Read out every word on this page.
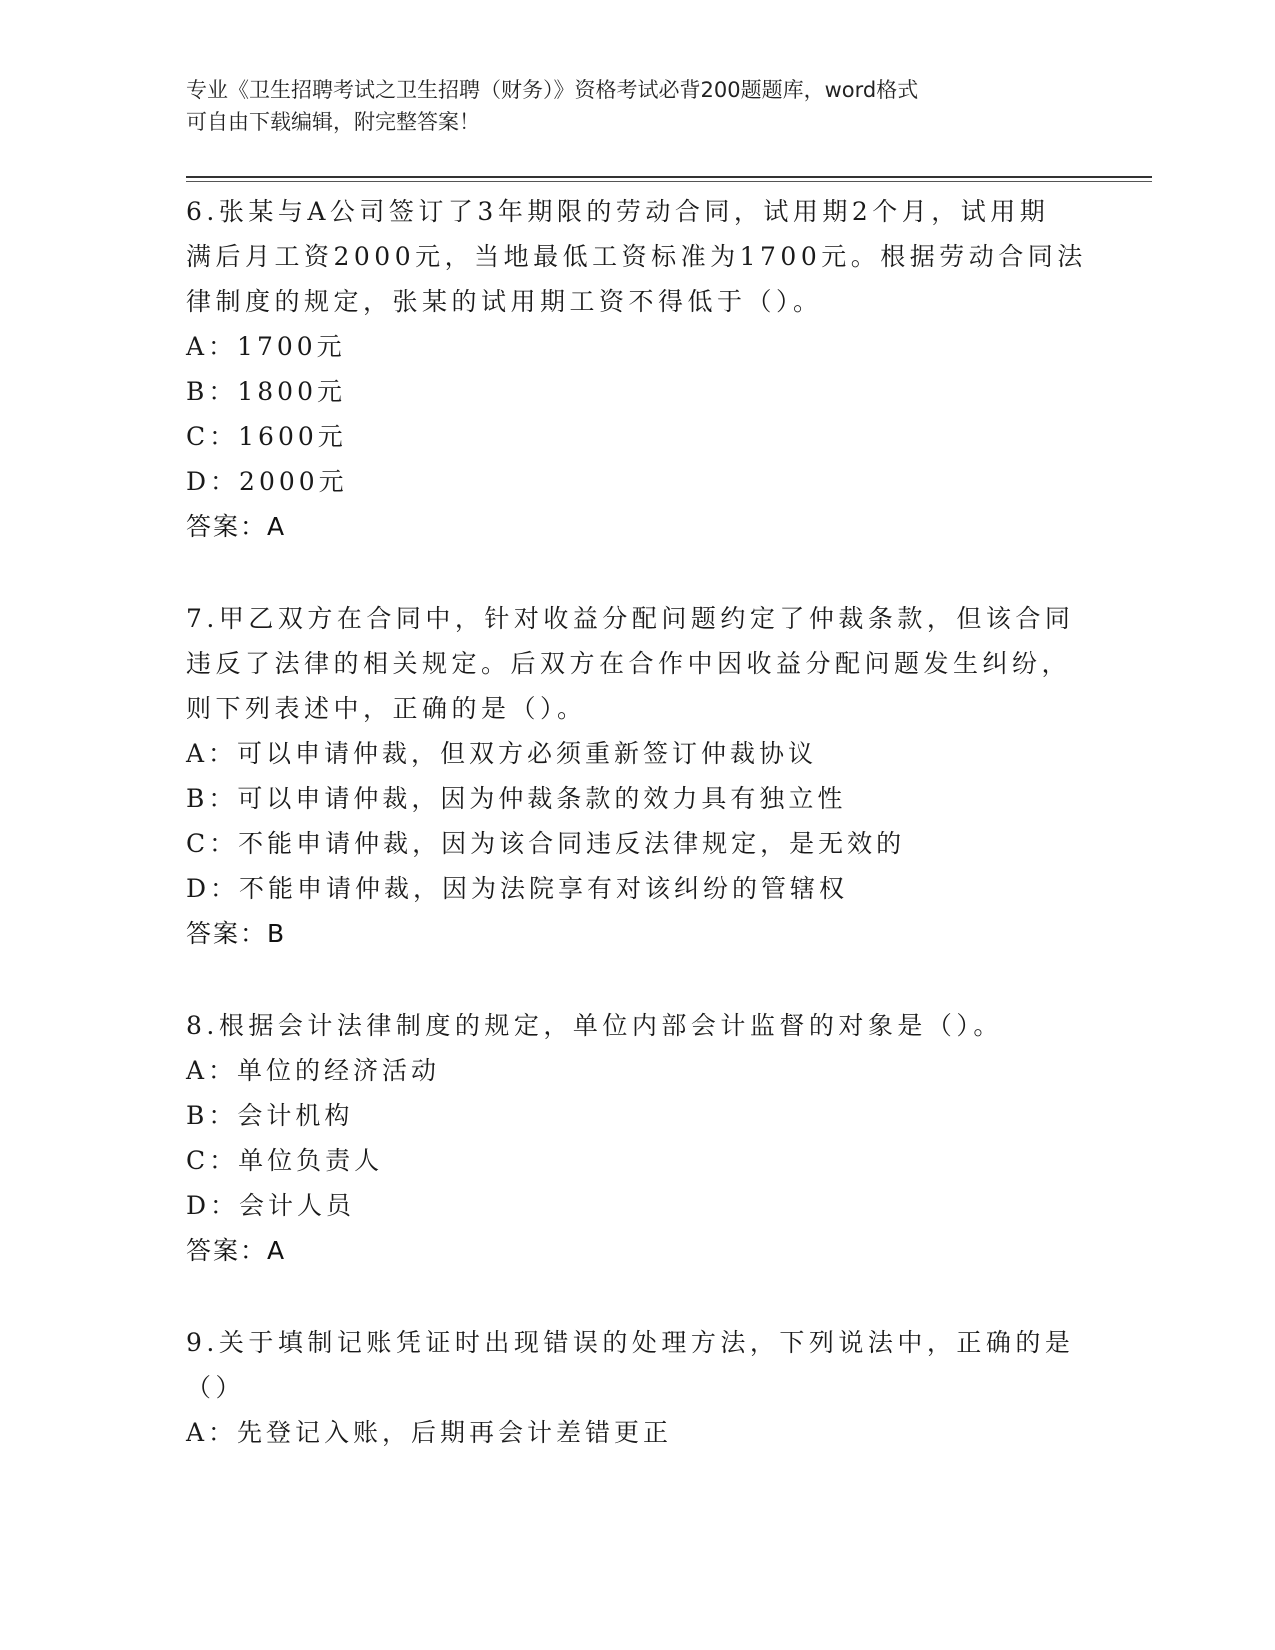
专业《卫生招聘考试之卫生招聘（财务）》资格考试必背200题题库，word格式
可自由下载编辑，附完整答案！
6.张某与A公司签订了3年期限的劳动合同，试用期2个月，试用期
满后月工资2000元，当地最低工资标准为1700元。根据劳动合同法
律制度的规定，张某的试用期工资不得低于（）。
A：1700元
B：1800元
C：1600元
D：2000元
答案：A
7.甲乙双方在合同中，针对收益分配问题约定了仲裁条款，但该合同
违反了法律的相关规定。后双方在合作中因收益分配问题发生纠纷，
则下列表述中，正确的是（）。
A：可以申请仲裁，但双方必须重新签订仲裁协议
B：可以申请仲裁，因为仲裁条款的效力具有独立性
C：不能申请仲裁，因为该合同违反法律规定，是无效的
D：不能申请仲裁，因为法院享有对该纠纷的管辖权
答案：B
8.根据会计法律制度的规定，单位内部会计监督的对象是（）。
A：单位的经济活动
B：会计机构
C：单位负责人
D：会计人员
答案：A
9.关于填制记账凭证时出现错误的处理方法，下列说法中，正确的是
（）
A：先登记入账，后期再会计差错更正
